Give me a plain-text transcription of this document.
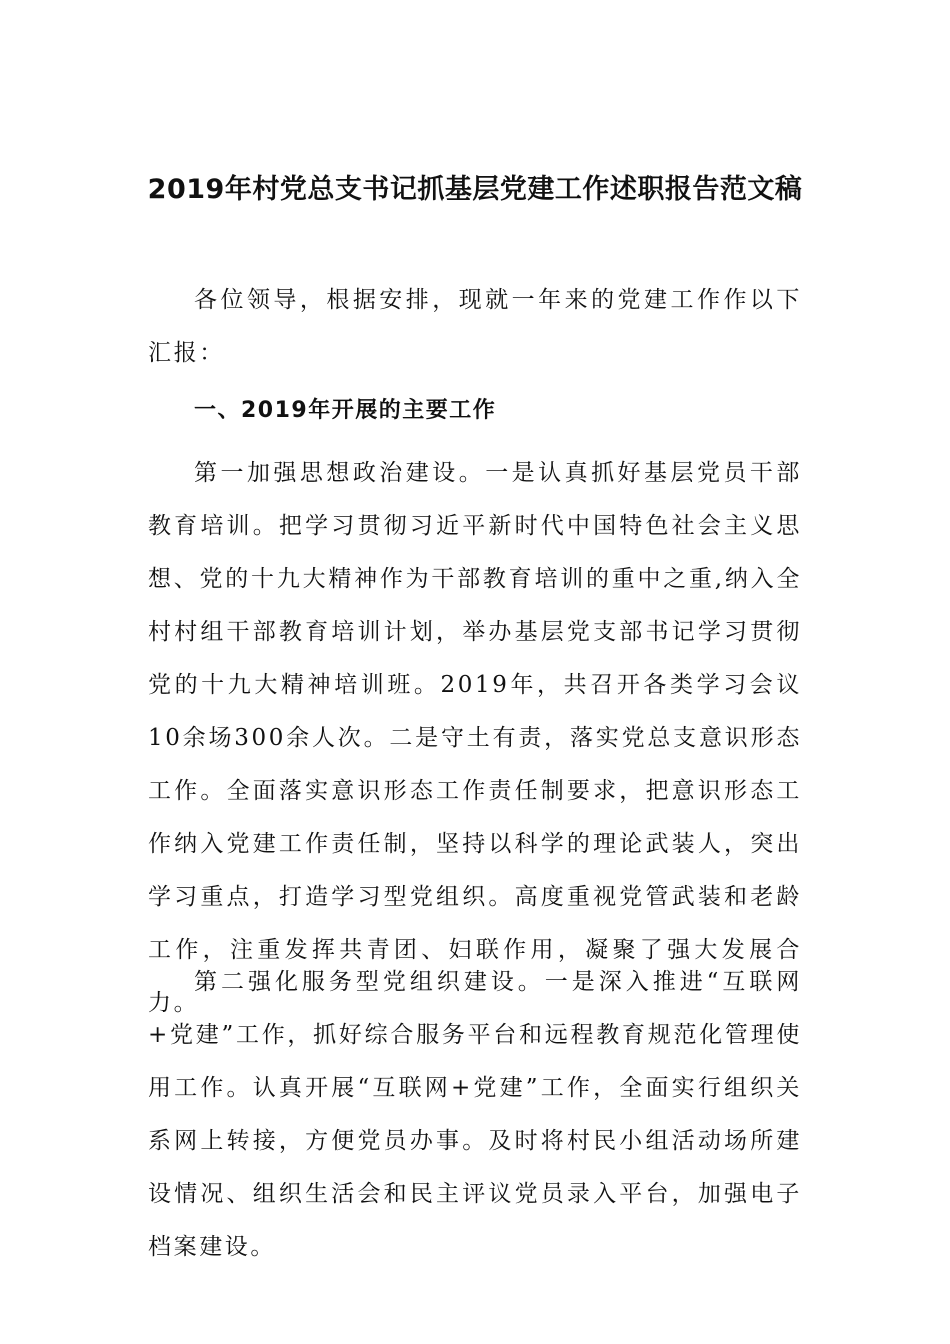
2019年村党总支书记抓基层党建工作述职报告范文稿

各位领导，根据安排，现就一年来的党建工作作以下汇报：

一、2019年开展的主要工作

第一加强思想政治建设。一是认真抓好基层党员干部教育培训。把学习贯彻习近平新时代中国特色社会主义思想、党的十九大精神作为干部教育培训的重中之重,纳入全村村组干部教育培训计划，举办基层党支部书记学习贯彻党的十九大精神培训班。2019年，共召开各类学习会议10余场300余人次。二是守土有责，落实党总支意识形态工作。全面落实意识形态工作责任制要求，把意识形态工作纳入党建工作责任制，坚持以科学的理论武装人，突出学习重点，打造学习型党组织。高度重视党管武装和老龄工作，注重发挥共青团、妇联作用，凝聚了强大发展合力。

第二强化服务型党组织建设。一是深入推进“互联网+党建”工作，抓好综合服务平台和远程教育规范化管理使用工作。认真开展“互联网+党建”工作，全面实行组织关系网上转接，方便党员办事。及时将村民小组活动场所建设情况、组织生活会和民主评议党员录入平台，加强电子档案建设。
